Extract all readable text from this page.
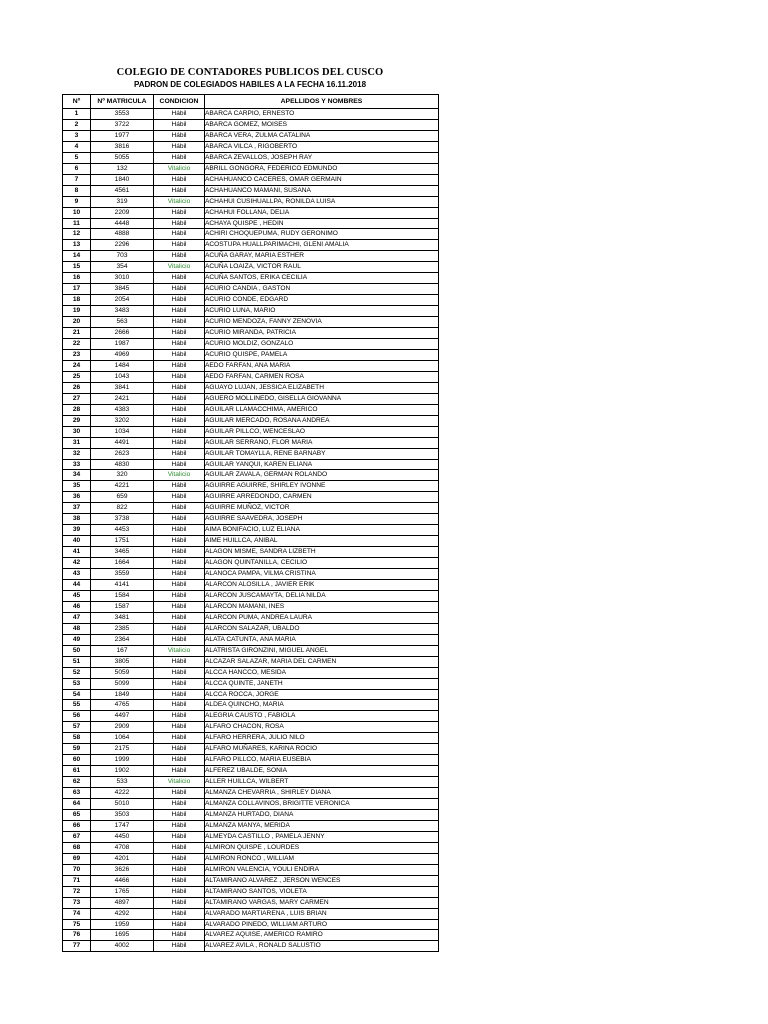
COLEGIO DE CONTADORES PUBLICOS DEL CUSCO
PADRON DE COLEGIADOS HABILES A LA FECHA 16.11.2018
Nº	Nº MATRICULA	CONDICION	APELLIDOS Y NOMBRES
1	3553	Hábil	ABARCA CARPIO, ERNESTO
2	3722	Hábil	ABARCA GOMEZ, MOISES
3	1977	Hábil	ABARCA VERA, ZULMA CATALINA
4	3816	Hábil	ABARCA VILCA , RIGOBERTO
5	5055	Hábil	ABARCA ZEVALLOS, JOSEPH RAY
6	132	Vitalicio	ABRILL GONGORA, FEDERICO EDMUNDO
7	1840	Hábil	ACHAHUANCO CACERES, OMAR GERMAIN
8	4561	Hábil	ACHAHUANCO MAMANI, SUSANA
9	319	Vitalicio	ACHAHUI CUSIHUALLPA, RONILDA LUISA
10	2209	Hábil	ACHAHUI FOLLANA, DELIA
11	4448	Hábil	ACHAYA QUISPE , HEDIN
12	4888	Hábil	ACHIRI CHOQUEPUMA, RUDY GERONIMO
13	2296	Hábil	ACOSTUPA HUALLPARIMACHI, GLENI AMALIA
14	703	Hábil	ACUÑA GARAY, MARIA ESTHER
15	354	Vitalicio	ACUÑA LOAIZA, VICTOR RAUL
16	3010	Hábil	ACUÑA SANTOS, ERIKA CECILIA
17	3845	Hábil	ACURIO CANDIA , GASTON
18	2054	Hábil	ACURIO CONDE, EDGARD
19	3483	Hábil	ACURIO LUNA, MARIO
20	563	Hábil	ACURIO MENDOZA, FANNY ZENOVIA
21	2666	Hábil	ACURIO MIRANDA, PATRICIA
22	1987	Hábil	ACURIO MOLDIZ, GONZALO
23	4969	Hábil	ACURIO QUISPE, PAMELA
24	1484	Hábil	AEDO FARFAN, ANA MARIA
25	1043	Hábil	AEDO FARFAN, CARMEN ROSA
26	3841	Hábil	AGUAYO LUJAN, JESSICA ELIZABETH
27	2421	Hábil	AGUERO MOLLINEDO, GISELLA GIOVANNA
28	4383	Hábil	AGUILAR LLAMACCHIMA, AMERICO
29	3202	Hábil	AGUILAR MERCADO, ROSANA ANDREA
30	1034	Hábil	AGUILAR PILLCO, WENCESLAO
31	4491	Hábil	AGUILAR SERRANO, FLOR MARIA
32	2623	Hábil	AGUILAR TOMAYLLA, RENE BARNABY
33	4830	Hábil	AGUILAR YANQUI, KAREN ELIANA
34	320	Vitalicio	AGUILAR ZAVALA, GERMAN ROLANDO
35	4221	Hábil	AGUIRRE AGUIRRE, SHIRLEY IVONNE
36	659	Hábil	AGUIRRE ARREDONDO, CARMEN
37	822	Hábil	AGUIRRE MUÑOZ, VICTOR
38	3738	Hábil	AGUIRRE SAAVEDRA, JOSEPH
39	4453	Hábil	AIMA BONIFACIO, LUZ ELIANA
40	1751	Hábil	AIME HUILLCA, ANIBAL
41	3465	Hábil	ALAGON MISME, SANDRA LIZBETH
42	1664	Hábil	ALAGON QUINTANILLA, CECILIO
43	3559	Hábil	ALANOCA PAMPA, VILMA CRISTINA
44	4141	Hábil	ALARCON ALOSILLA , JAVIER ERIK
45	1584	Hábil	ALARCON JUSCAMAYTA, DELIA NILDA
46	1587	Hábil	ALARCON MAMANI, INES
47	3481	Hábil	ALARCON PUMA, ANDREA LAURA
48	2385	Hábil	ALARCON SALAZAR, UBALDO
49	2364	Hábil	ALATA CATUNTA, ANA MARIA
50	167	Vitalicio	ALATRISTA GIRONZINI, MIGUEL ANGEL
51	3805	Hábil	ALCAZAR SALAZAR, MARIA DEL CARMEN
52	5059	Hábil	ALCCA HANCCO, MESIDA
53	5099	Hábil	ALCCA QUINTE, JANETH
54	1849	Hábil	ALCCA ROCCA, JORGE
55	4765	Hábil	ALDEA QUINCHO, MARIA
56	4497	Hábil	ALEGRIA CAUSTO , FABIOLA
57	2909	Hábil	ALFARO CHACON, ROSA
58	1064	Hábil	ALFARO HERRERA, JULIO NILO
59	2175	Hábil	ALFARO MUÑARES, KARINA ROCIO
60	1999	Hábil	ALFARO PILLCO, MARIA EUSEBIA
61	1902	Hábil	ALFEREZ UBALDE, SONIA
62	533	Vitalicio	ALLER HUILLCA, WILBERT
63	4222	Hábil	ALMANZA CHEVARRIA , SHIRLEY DIANA
64	5010	Hábil	ALMANZA COLLAVINOS, BRIGITTE VERONICA
65	3503	Hábil	ALMANZA HURTADO, DIANA
66	1747	Hábil	ALMANZA MANYA, MERIDA
67	4450	Hábil	ALMEYDA CASTILLO , PAMELA JENNY
68	4708	Hábil	ALMIRON QUISPE , LOURDES
69	4201	Hábil	ALMIRON RONCO , WILLIAM
70	3626	Hábil	ALMIRON VALENCIA, YOULI ENDIRA
71	4466	Hábil	ALTAMIRANO ALVAREZ , JERSON WENCES
72	1765	Hábil	ALTAMIRANO SANTOS, VIOLETA
73	4897	Hábil	ALTAMIRANO VARGAS, MARY CARMEN
74	4292	Hábil	ALVARADO MARTIARENA , LUIS BRIAN
75	1959	Hábil	ALVARADO PINEDO, WILLIAM ARTURO
76	1695	Hábil	ALVAREZ AQUISE, AMERICO RAMIRO
77	4002	Hábil	ALVAREZ AVILA , RONALD SALUSTIO
